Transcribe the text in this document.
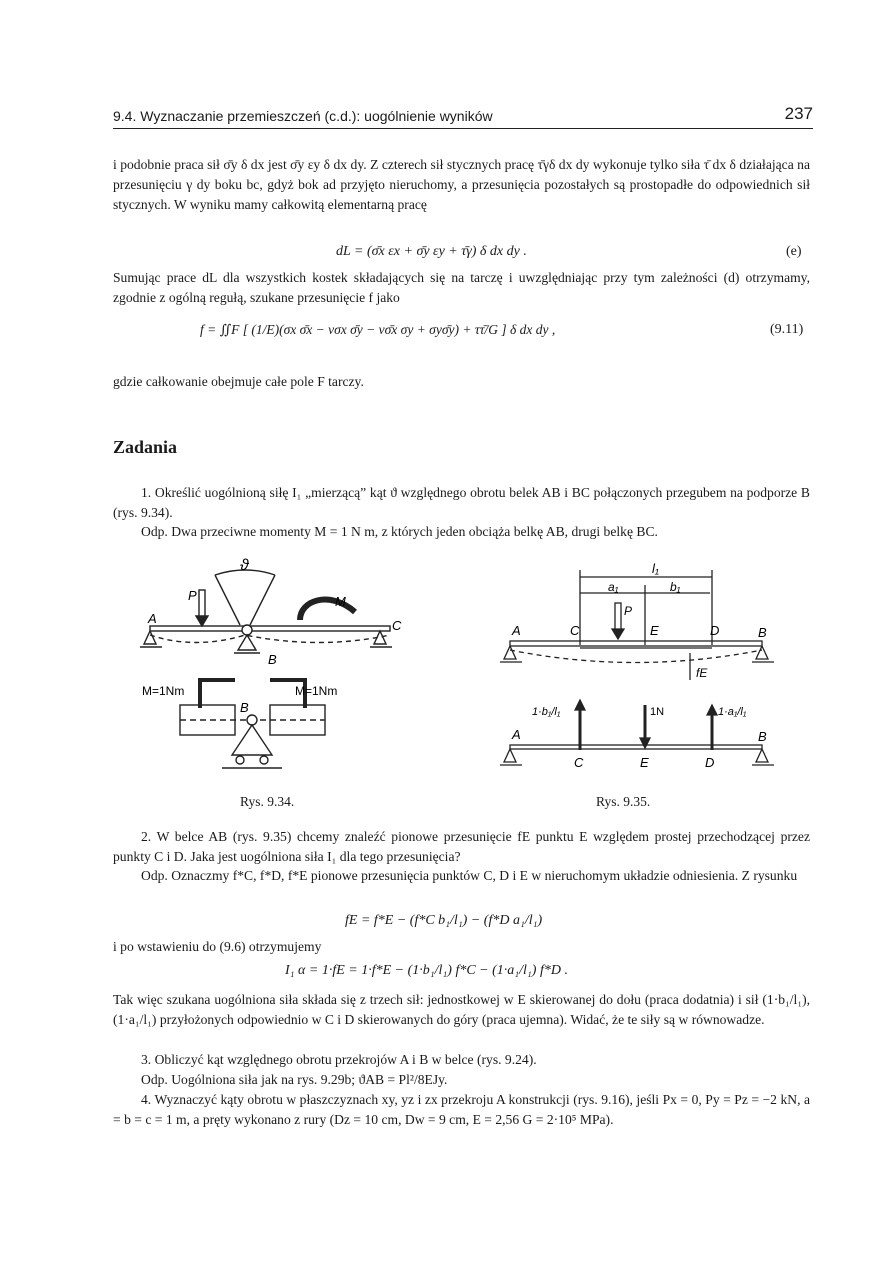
9.4. Wyznaczanie przemieszczeń (c.d.): uogólnienie wyników	237
i podobnie praca sił σ̄y δ dx jest σ̄y εy δ dx dy. Z czterech sił stycznych pracę τ̄γδ dx dy wykonuje tylko siła τ̄ dx δ działająca na przesunięciu γ dy boku bc, gdyż bok ad przyjęto nieruchomy, a przesunięcia pozostałych są prostopadłe do odpowiednich sił stycznych. W wyniku mamy całkowitą elementarną pracę
dL = (σ̄x εx + σ̄y εy + τ̄γ) δ dx dy .	(e)
Sumując prace dL dla wszystkich kostek składających się na tarczę i uwzględniając przy tym zależności (d) otrzymamy, zgodnie z ogólną regułą, szukane przesunięcie f jako
f = ∬F [ (1/E)(σx σ̄x − νσx σ̄y − νσ̄x σy + σyσ̄y) + ττ̄/G ] δ dx dy ,	(9.11)
gdzie całkowanie obejmuje całe pole F tarczy.
Zadania
1. Określić uogólnioną siłę I₁ „mierzącą” kąt ϑ względnego obrotu belek AB i BC połączonych przegubem na podporze B (rys. 9.34).
Odp. Dwa przeciwne momenty M = 1 N m, z których jeden obciąża belkę AB, drugi belkę BC.
ϑ
P	M
A
B
C
M=1Nm	M=1Nm
B
Rys. 9.34.
l₁
a₁	b₁
P
A	C	E	D	B
fE
1·b₁/l₁	1N	1·a₁/l₁
A
C	E	D
B
Rys. 9.35.
2. W belce AB (rys. 9.35) chcemy znaleźć pionowe przesunięcie fE punktu E względem prostej przechodzącej przez punkty C i D. Jaka jest uogólniona siła I₁ dla tego przesunięcia?
Odp. Oznaczmy f*C, f*D, f*E pionowe przesunięcia punktów C, D i E w nieruchomym układzie odniesienia. Z rysunku
fE = f*E − (f*C b₁/l₁) − (f*D a₁/l₁)
i po wstawieniu do (9.6) otrzymujemy
I₁ α = 1·fE = 1·f*E − (1·b₁/l₁) f*C − (1·a₁/l₁) f*D .
Tak więc szukana uogólniona siła składa się z trzech sił: jednostkowej w E skierowanej do dołu (praca dodatnia) i sił (1·b₁/l₁), (1·a₁/l₁) przyłożonych odpowiednio w C i D skierowanych do góry (praca ujemna). Widać, że te siły są w równowadze.
3. Obliczyć kąt względnego obrotu przekrojów A i B w belce (rys. 9.24).
Odp. Uogólniona siła jak na rys. 9.29b; ϑAB = Pl²/8EJy.
4. Wyznaczyć kąty obrotu w płaszczyznach xy, yz i zx przekroju A konstrukcji (rys. 9.16), jeśli Px = 0, Py = Pz = −2 kN, a = b = c = 1 m, a pręty wykonano z rury (Dz = 10 cm, Dw = 9 cm, E = 2,56 G = 2·10⁵ MPa).
